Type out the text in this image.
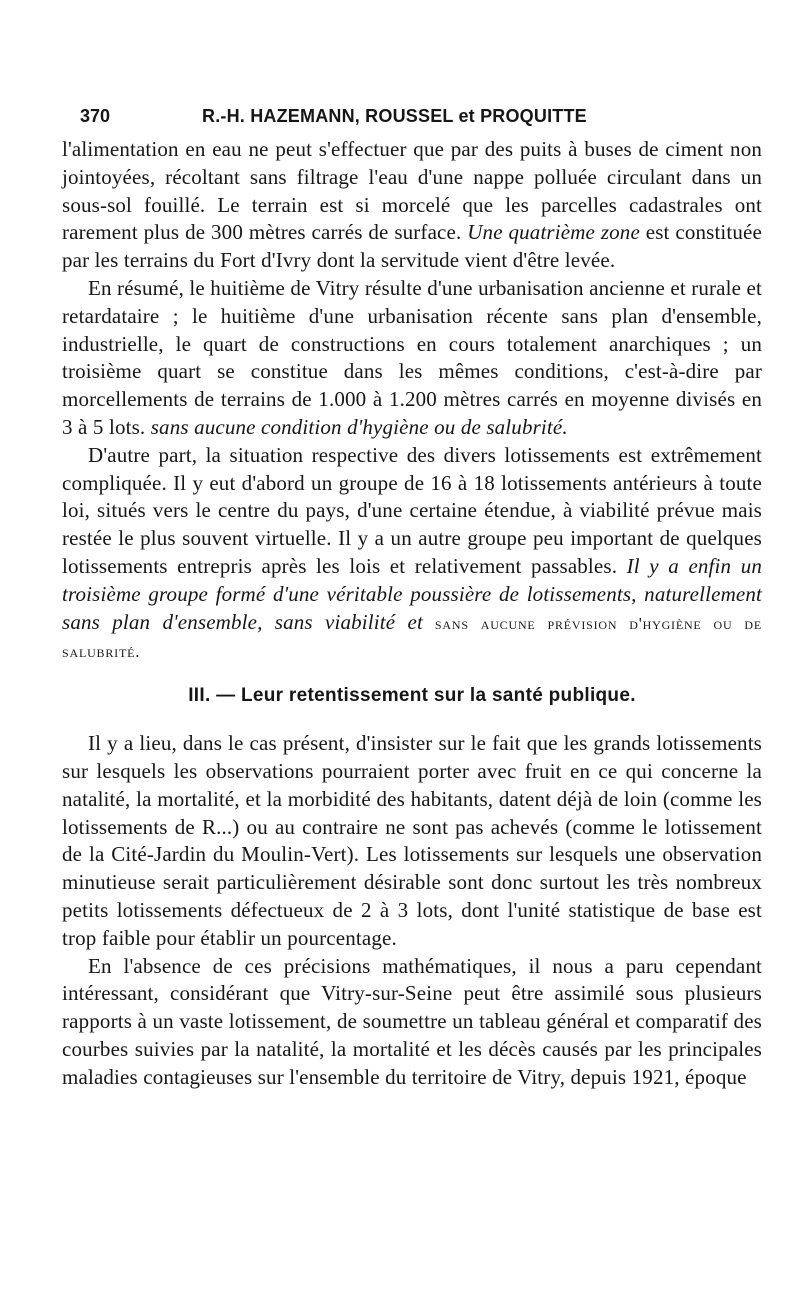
370	R.-H. HAZEMANN, ROUSSEL et PROQUITTE

l'alimentation en eau ne peut s'effectuer que par des puits à buses de ciment non jointoyées, récoltant sans filtrage l'eau d'une nappe polluée circulant dans un sous-sol fouillé. Le terrain est si morcelé que les parcelles cadastrales ont rarement plus de 300 mètres carrés de surface. Une quatrième zone est constituée par les terrains du Fort d'Ivry dont la servitude vient d'être levée.

En résumé, le huitième de Vitry résulte d'une urbanisation ancienne et rurale et retardataire ; le huitième d'une urbanisation récente sans plan d'ensemble, industrielle, le quart de constructions en cours totalement anarchiques ; un troisième quart se constitue dans les mêmes conditions, c'est-à-dire par morcellements de terrains de 1.000 à 1.200 mètres carrés en moyenne divisés en 3 à 5 lots. sans aucune condition d'hygiène ou de salubrité.

D'autre part, la situation respective des divers lotissements est extrêmement compliquée. Il y eut d'abord un groupe de 16 à 18 lotissements antérieurs à toute loi, situés vers le centre du pays, d'une certaine étendue, à viabilité prévue mais restée le plus souvent virtuelle. Il y a un autre groupe peu important de quelques lotissements entrepris après les lois et relativement passables. Il y a enfin un troisième groupe formé d'une véritable poussière de lotissements, naturellement sans plan d'ensemble, sans viabilité et sans aucune prévision d'hygiène ou de salubrité.

III. — Leur retentissement sur la santé publique.

Il y a lieu, dans le cas présent, d'insister sur le fait que les grands lotissements sur lesquels les observations pourraient porter avec fruit en ce qui concerne la natalité, la mortalité, et la morbidité des habitants, datent déjà de loin (comme les lotissements de R...) ou au contraire ne sont pas achevés (comme le lotissement de la Cité-Jardin du Moulin-Vert). Les lotissements sur lesquels une observation minutieuse serait particulièrement désirable sont donc surtout les très nombreux petits lotissements défectueux de 2 à 3 lots, dont l'unité statistique de base est trop faible pour établir un pourcentage.

En l'absence de ces précisions mathématiques, il nous a paru cependant intéressant, considérant que Vitry-sur-Seine peut être assimilé sous plusieurs rapports à un vaste lotissement, de soumettre un tableau général et comparatif des courbes suivies par la natalité, la mortalité et les décès causés par les principales maladies contagieuses sur l'ensemble du territoire de Vitry, depuis 1921, époque
